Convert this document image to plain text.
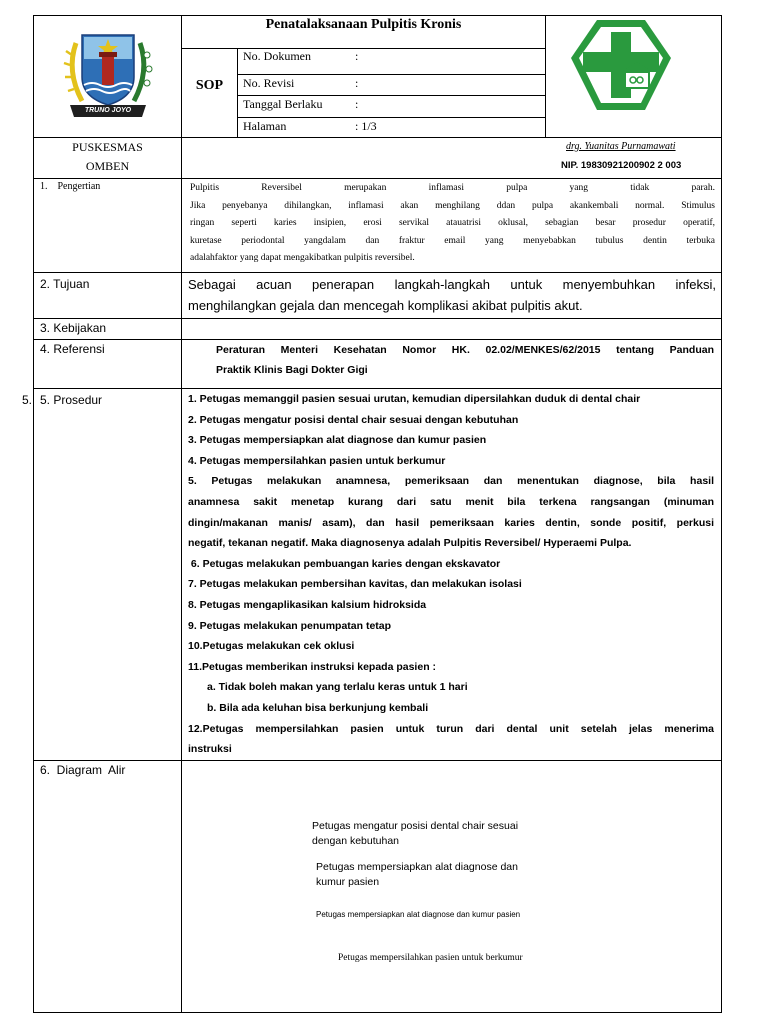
TRUNO JOYO
Penatalaksanaan Pulpitis Kronis
SOP
No. Dokumen	:
No. Revisi	:
Tanggal Berlaku	:
Halaman	: 1/3
PUSKESMAS
OMBEN
drg. Yuanitas Purnamawati
NIP. 19830921200902 2 003
1.    Pengertian	Pulpitis Reversibel merupakan inflamasi pulpa yang tidak parah.
Jika penyebanya dihilangkan, inflamasi akan menghilang ddan pulpa akankembali normal. Stimulus
ringan seperti karies insipien, erosi servikal atauatrisi oklusal, sebagian besar prosedur operatif,
kuretase periodontal yangdalam dan fraktur email yang menyebabkan tubulus dentin terbuka
adalahfaktor yang dapat mengakibatkan pulpitis reversibel.
2. Tujuan	Sebagai acuan penerapan langkah-langkah untuk menyembuhkan infeksi,
menghilangkan gejala dan mencegah komplikasi akibat pulpitis akut.
3. Kebijakan
4. Referensi	Peraturan Menteri Kesehatan Nomor HK. 02.02/MENKES/62/2015 tentang Panduan
Praktik Klinis Bagi Dokter Gigi
5. 5. Prosedur	1. Petugas memanggil pasien sesuai urutan, kemudian dipersilahkan duduk di dental chair
2. Petugas mengatur posisi dental chair sesuai dengan kebutuhan
3. Petugas mempersiapkan alat diagnose dan kumur pasien
4. Petugas mempersilahkan pasien untuk berkumur
5. Petugas melakukan anamnesa, pemeriksaan dan menentukan diagnose, bila hasil
anamnesa sakit menetap kurang dari satu menit bila terkena rangsangan (minuman
dingin/makanan manis/ asam), dan hasil pemeriksaan karies dentin, sonde positif, perkusi
negatif, tekanan negatif. Maka diagnosenya adalah Pulpitis Reversibel/ Hyperaemi Pulpa.
6. Petugas melakukan pembuangan karies dengan ekskavator
7. Petugas melakukan pembersihan kavitas, dan melakukan isolasi
8. Petugas mengaplikasikan kalsium hidroksida
9. Petugas melakukan penumpatan tetap
10.Petugas melakukan cek oklusi
11.Petugas memberikan instruksi kepada pasien :
a. Tidak boleh makan yang terlalu keras untuk 1 hari
b. Bila ada keluhan bisa berkunjung kembali
12.Petugas mempersilahkan pasien untuk turun dari dental unit setelah jelas menerima
instruksi
6.  Diagram  Alir
Petugas mengatur posisi dental chair sesuai
dengan kebutuhan
Petugas mempersiapkan alat diagnose dan
kumur pasien
Petugas mempersiapkan alat diagnose dan kumur pasien
Petugas mempersilahkan pasien untuk berkumur
